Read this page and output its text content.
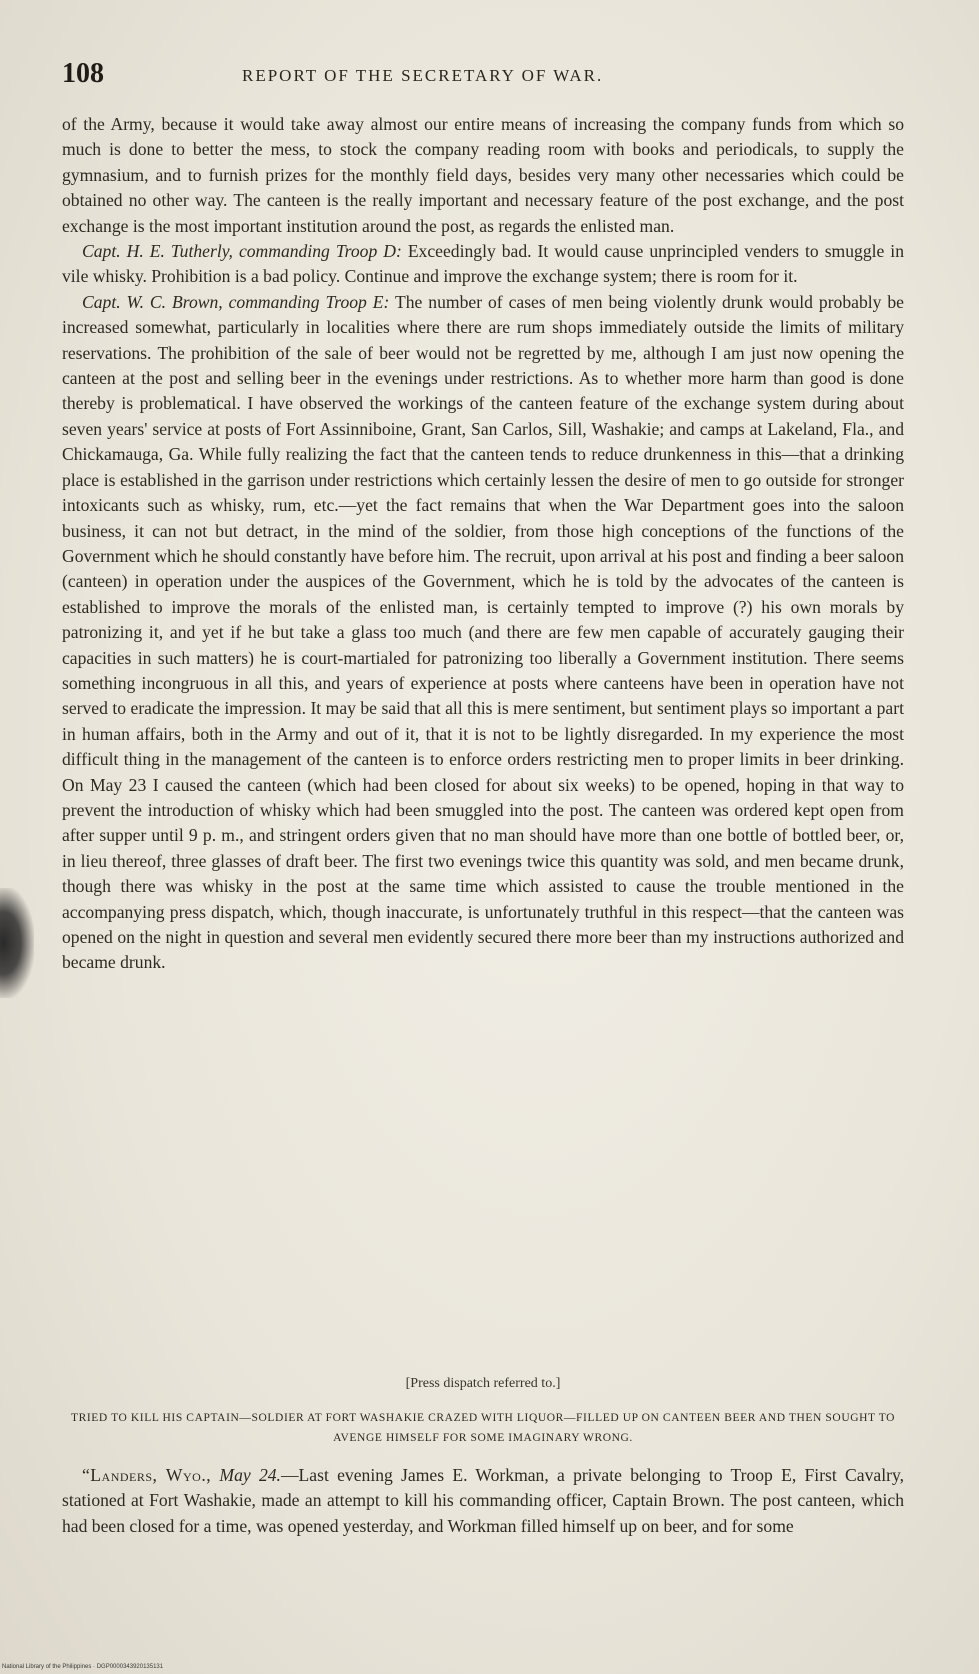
108	REPORT OF THE SECRETARY OF WAR.

of the Army, because it would take away almost our entire means of increasing the company funds from which so much is done to better the mess, to stock the company reading room with books and periodicals, to supply the gymnasium, and to furnish prizes for the monthly field days, besides very many other necessaries which could be obtained no other way. The canteen is the really important and necessary feature of the post exchange, and the post exchange is the most important institution around the post, as regards the enlisted man.

Capt. H. E. Tutherly, commanding Troop D: Exceedingly bad. It would cause unprincipled venders to smuggle in vile whisky. Prohibition is a bad policy. Continue and improve the exchange system; there is room for it.

Capt. W. C. Brown, commanding Troop E: The number of cases of men being violently drunk would probably be increased somewhat, particularly in localities where there are rum shops immediately outside the limits of military reservations. The prohibition of the sale of beer would not be regretted by me, although I am just now opening the canteen at the post and selling beer in the evenings under restrictions. As to whether more harm than good is done thereby is problematical. I have observed the workings of the canteen feature of the exchange system during about seven years' service at posts of Fort Assinniboine, Grant, San Carlos, Sill, Washakie; and camps at Lakeland, Fla., and Chickamauga, Ga. While fully realizing the fact that the canteen tends to reduce drunkenness in this—that a drinking place is established in the garrison under restrictions which certainly lessen the desire of men to go outside for stronger intoxicants such as whisky, rum, etc.—yet the fact remains that when the War Department goes into the saloon business, it can not but detract, in the mind of the soldier, from those high conceptions of the functions of the Government which he should constantly have before him. The recruit, upon arrival at his post and finding a beer saloon (canteen) in operation under the auspices of the Government, which he is told by the advocates of the canteen is established to improve the morals of the enlisted man, is certainly tempted to improve (?) his own morals by patronizing it, and yet if he but take a glass too much (and there are few men capable of accurately gauging their capacities in such matters) he is court-martialed for patronizing too liberally a Government institution. There seems something incongruous in all this, and years of experience at posts where canteens have been in operation have not served to eradicate the impression. It may be said that all this is mere sentiment, but sentiment plays so important a part in human affairs, both in the Army and out of it, that it is not to be lightly disregarded. In my experience the most difficult thing in the management of the canteen is to enforce orders restricting men to proper limits in beer drinking. On May 23 I caused the canteen (which had been closed for about six weeks) to be opened, hoping in that way to prevent the introduction of whisky which had been smuggled into the post. The canteen was ordered kept open from after supper until 9 p. m., and stringent orders given that no man should have more than one bottle of bottled beer, or, in lieu thereof, three glasses of draft beer. The first two evenings twice this quantity was sold, and men became drunk, though there was whisky in the post at the same time which assisted to cause the trouble mentioned in the accompanying press dispatch, which, though inaccurate, is unfortunately truthful in this respect—that the canteen was opened on the night in question and several men evidently secured there more beer than my instructions authorized and became drunk.

[Press dispatch referred to.]
TRIED TO KILL HIS CAPTAIN—SOLDIER AT FORT WASHAKIE CRAZED WITH LIQUOR—FILLED UP ON CANTEEN BEER AND THEN SOUGHT TO AVENGE HIMSELF FOR SOME IMAGINARY WRONG.

“Landers, Wyo., May 24.—Last evening James E. Workman, a private belonging to Troop E, First Cavalry, stationed at Fort Washakie, made an attempt to kill his commanding officer, Captain Brown. The post canteen, which had been closed for a time, was opened yesterday, and Workman filled himself up on beer, and for some

National Library of the Philippines · DGP0000343920135131
